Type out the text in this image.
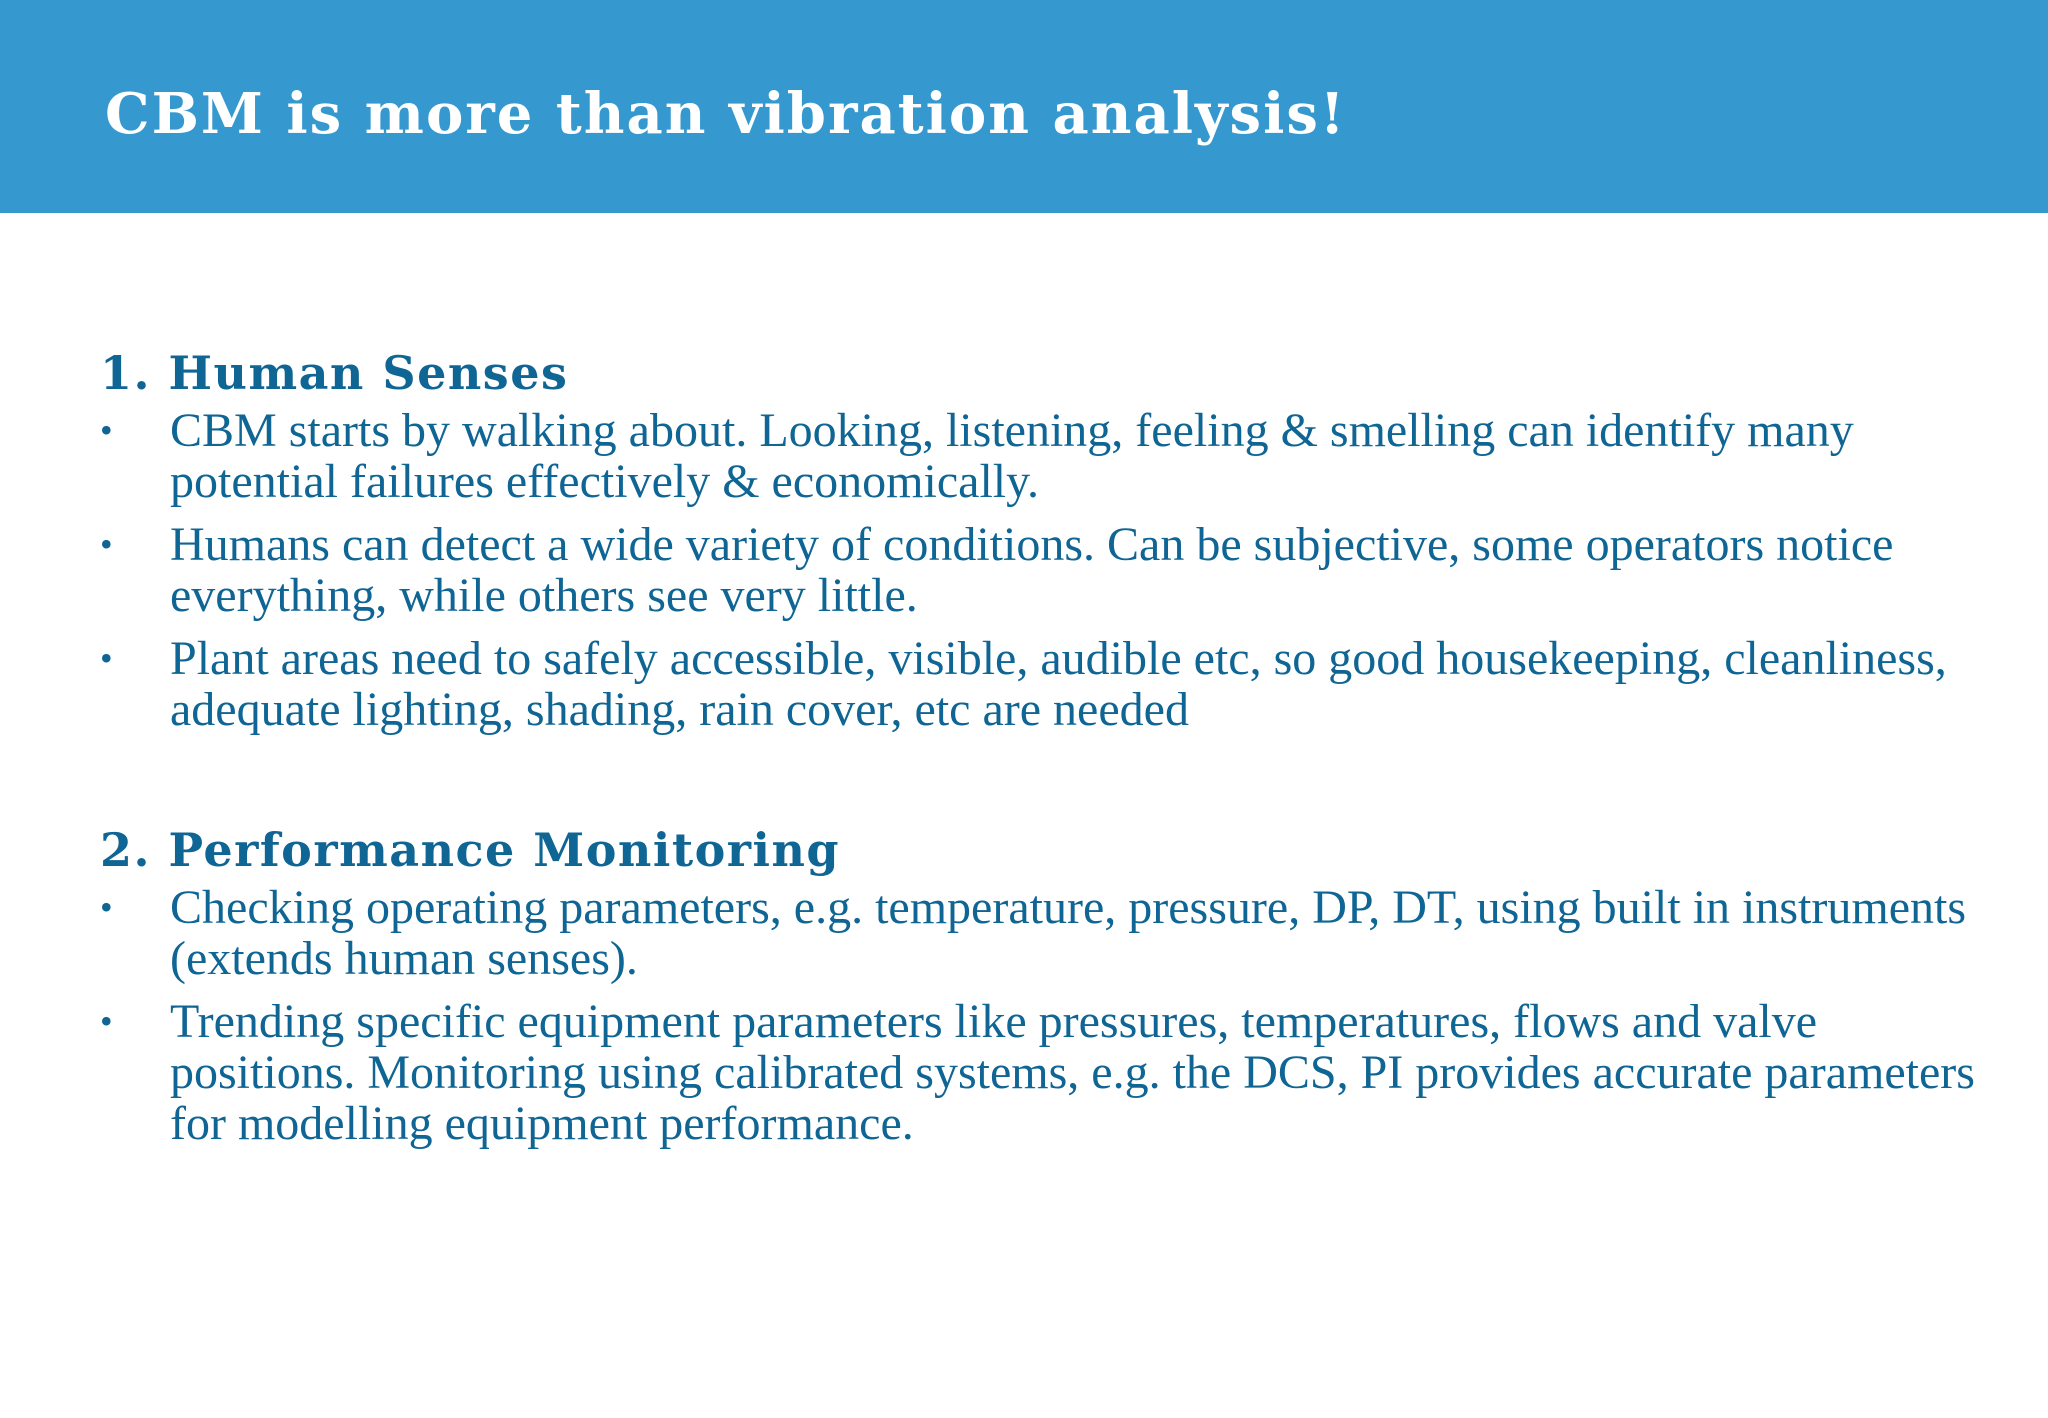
CBM is more than vibration analysis!
1. Human Senses
• CBM starts by walking about. Looking, listening, feeling & smelling can identify many potential failures effectively & economically.
• Humans can detect a wide variety of conditions. Can be subjective, some operators notice everything, while others see very little.
• Plant areas need to safely accessible, visible, audible etc, so good housekeeping, cleanliness, adequate lighting, shading, rain cover, etc are needed
2. Performance Monitoring
• Checking operating parameters, e.g. temperature, pressure, DP, DT, using built in instruments (extends human senses).
• Trending specific equipment parameters like pressures, temperatures, flows and valve positions. Monitoring using calibrated systems, e.g. the DCS, PI provides accurate parameters for modelling equipment performance.
